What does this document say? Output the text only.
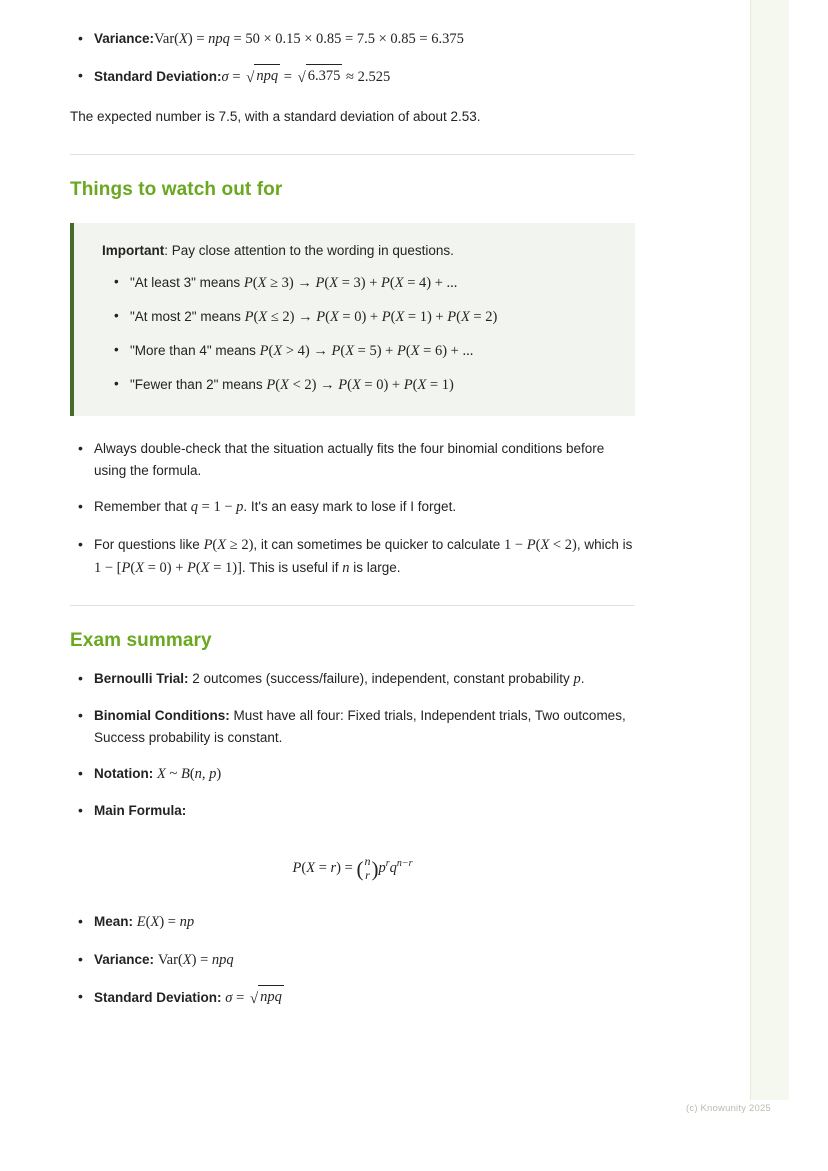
• Variance:Var(X) = npq = 50 × 0.15 × 0.85 = 7.5 × 0.85 = 6.375
• Standard Deviation:σ = √ npq = √ 6.375 ≈ 2.525

The expected number is 7.5, with a standard deviation of about 2.53.

Things to watch out for
Important: Pay close attention to the wording in questions.
• "At least 3" means P(X ≥ 3) → P(X = 3) + P(X = 4) + ...
• "At most 2" means P(X ≤ 2) → P(X = 0) + P(X = 1) + P(X = 2)
• "More than 4" means P(X > 4) → P(X = 5) + P(X = 6) + ...
• "Fewer than 2" means P(X < 2) → P(X = 0) + P(X = 1)
• Always double-check that the situation actually fits the four binomial conditions before using the formula.
• Remember that q = 1 − p. It's an easy mark to lose if I forget.
• For questions like P(X ≥ 2), it can sometimes be quicker to calculate 1 − P(X < 2), which is 1 − [P(X = 0) + P(X = 1)]. This is useful if n is large.
Exam summary
• Bernoulli Trial: 2 outcomes (success/failure), independent, constant probability p.
• Binomial Conditions: Must have all four: Fixed trials, Independent trials, Two outcomes, Success probability is constant.
• Notation: X ~ B(n, p)
• Main Formula:
P(X = r) = ( n
r )$p^rq^{n-r}$
• Mean: E(X) = np
• Variance: Var(X) = npq
• Standard Deviation: σ = √ npq
(c) Knowunity 2025
